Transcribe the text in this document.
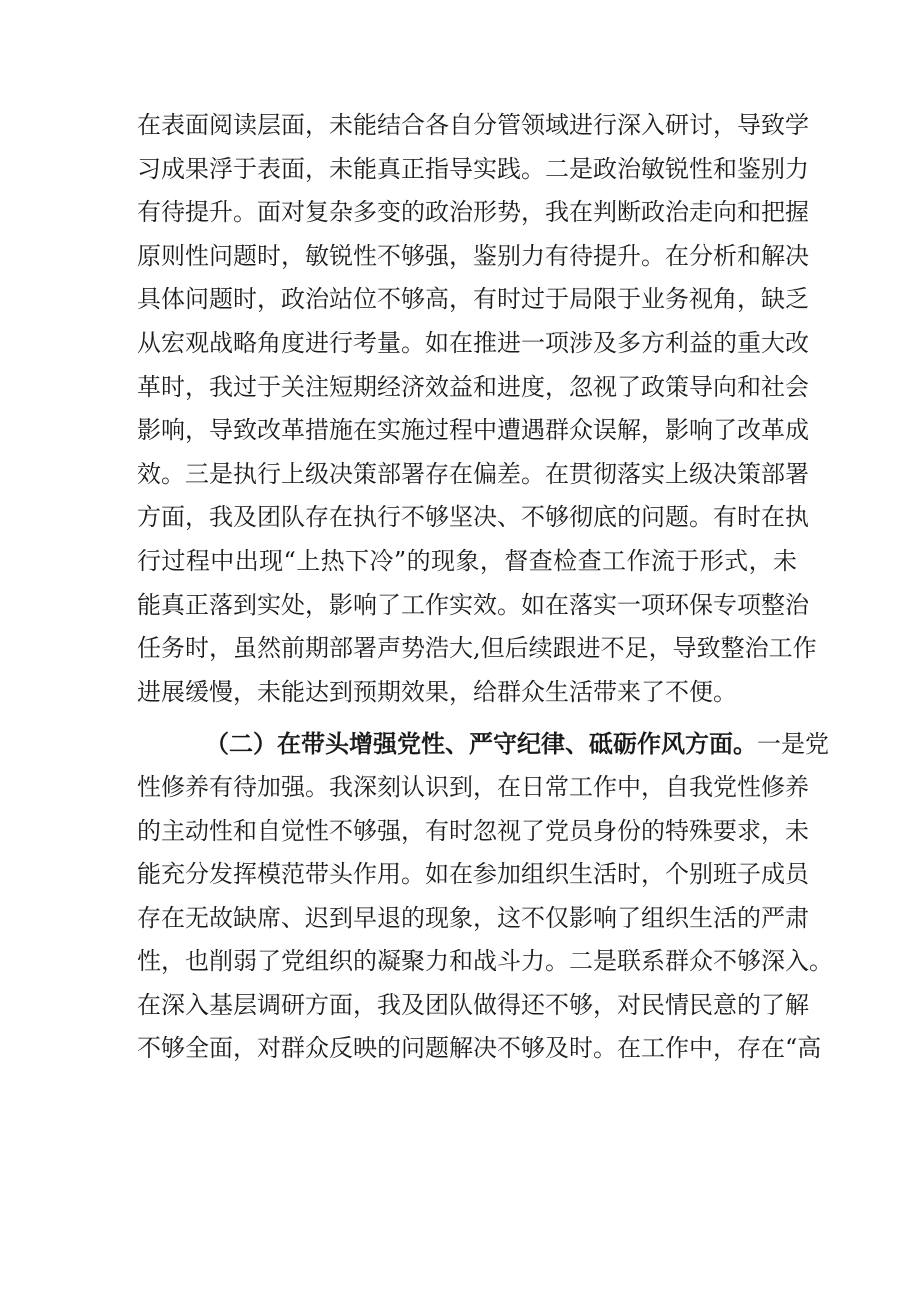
在表面阅读层面，未能结合各自分管领域进行深入研讨，导致学
习成果浮于表面，未能真正指导实践。二是政治敏锐性和鉴别力
有待提升。面对复杂多变的政治形势，我在判断政治走向和把握
原则性问题时，敏锐性不够强，鉴别力有待提升。在分析和解决
具体问题时，政治站位不够高，有时过于局限于业务视角，缺乏
从宏观战略角度进行考量。如在推进一项涉及多方利益的重大改
革时，我过于关注短期经济效益和进度，忽视了政策导向和社会
影响，导致改革措施在实施过程中遭遇群众误解，影响了改革成
效。三是执行上级决策部署存在偏差。在贯彻落实上级决策部署
方面，我及团队存在执行不够坚决、不够彻底的问题。有时在执
行过程中出现“上热下冷”的现象，督查检查工作流于形式，未
能真正落到实处，影响了工作实效。如在落实一项环保专项整治
任务时，虽然前期部署声势浩大,但后续跟进不足，导致整治工作
进展缓慢，未能达到预期效果，给群众生活带来了不便。
（二）在带头增强党性、严守纪律、砥砺作风方面。一是党
性修养有待加强。我深刻认识到，在日常工作中，自我党性修养
的主动性和自觉性不够强，有时忽视了党员身份的特殊要求，未
能充分发挥模范带头作用。如在参加组织生活时，个别班子成员
存在无故缺席、迟到早退的现象，这不仅影响了组织生活的严肃
性，也削弱了党组织的凝聚力和战斗力。二是联系群众不够深入。
在深入基层调研方面，我及团队做得还不够，对民情民意的了解
不够全面，对群众反映的问题解决不够及时。在工作中，存在“高
